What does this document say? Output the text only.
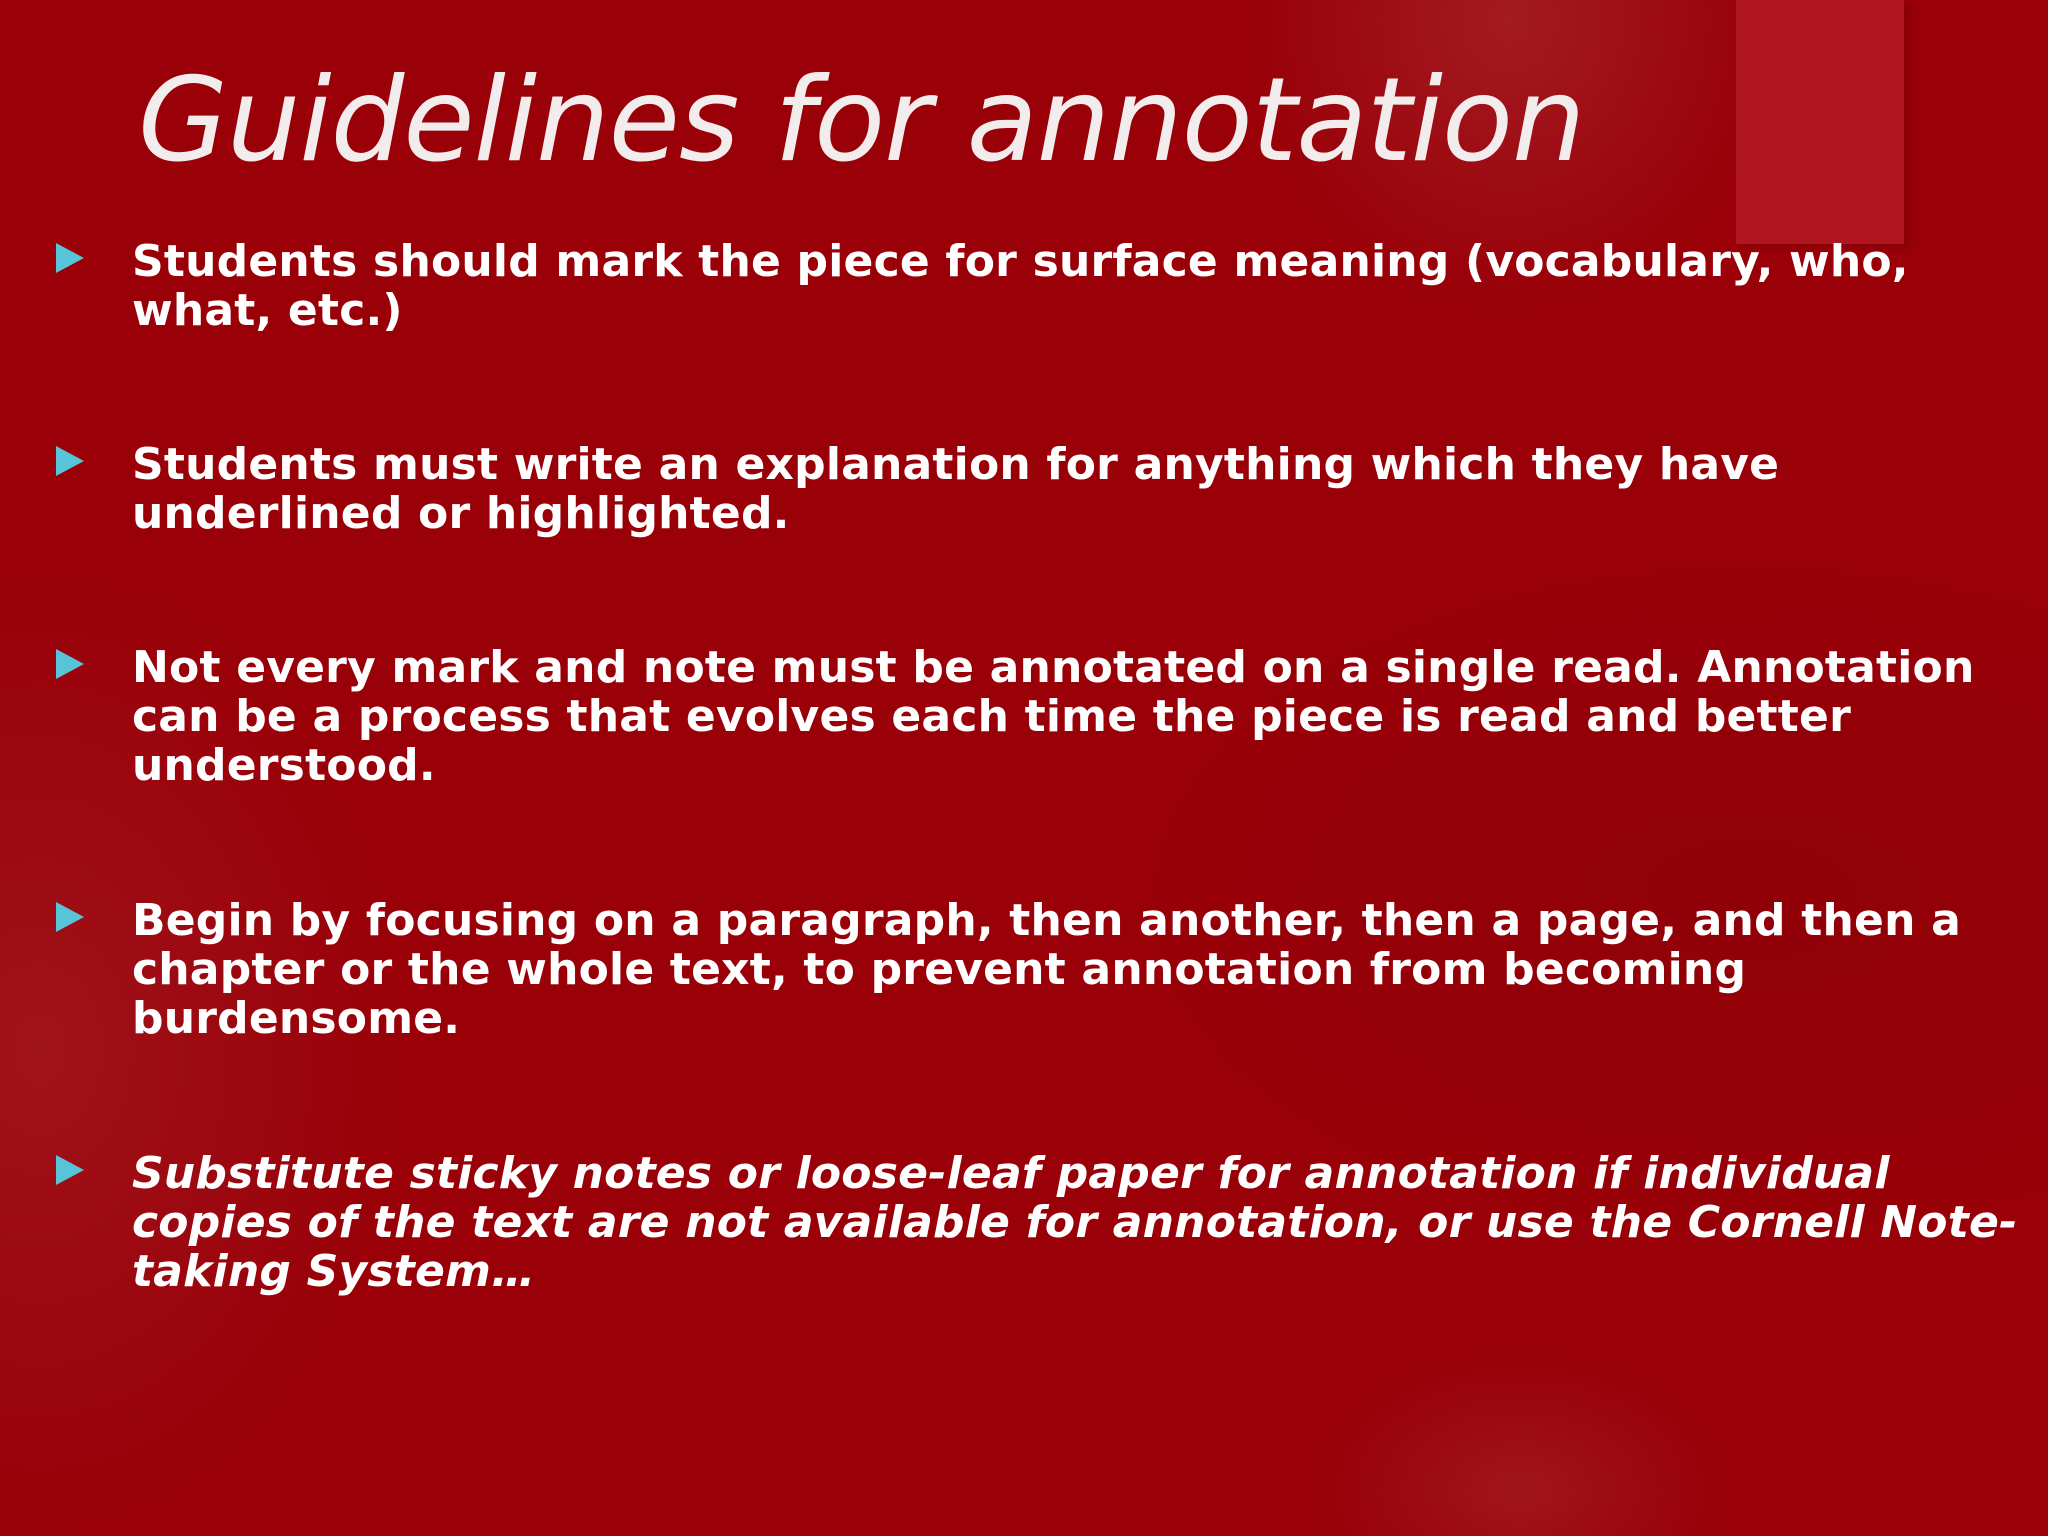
Guidelines for annotation
Students should mark the piece for surface meaning (vocabulary, who, what, etc.)
Students must write an explanation for anything which they have underlined or highlighted.
Not every mark and note must be annotated on a single read. Annotation can be a process that evolves each time the piece is read and better understood.
Begin by focusing on a paragraph, then another, then a page, and then a chapter or the whole text, to prevent annotation from becoming burdensome.
Substitute sticky notes or loose-leaf paper for annotation if individual copies of the text are not available for annotation, or use the Cornell Note-taking System…
